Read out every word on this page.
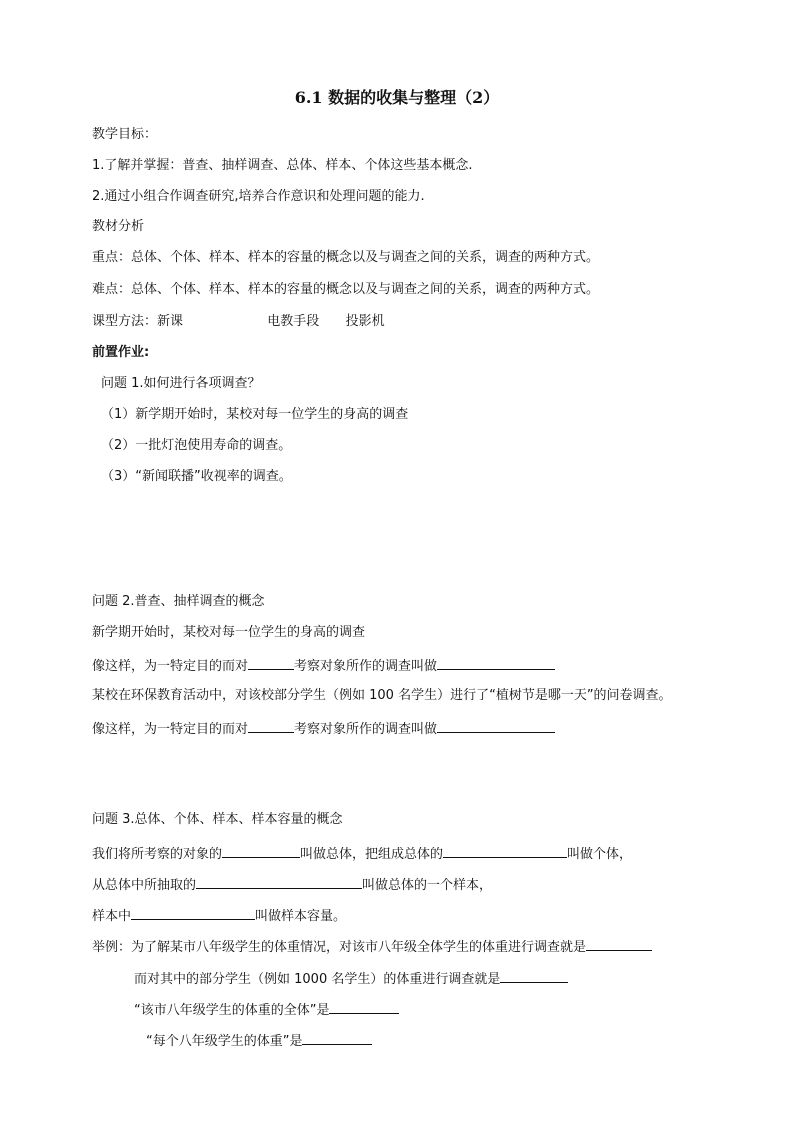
6.1 数据的收集与整理（2）
教学目标：
1.了解并掌握：普查、抽样调查、总体、样本、个体这些基本概念.
2.通过小组合作调查研究,培养合作意识和处理问题的能力.
教材分析
重点：总体、个体、样本、样本的容量的概念以及与调查之间的关系，调查的两种方式。
难点：总体、个体、样本、样本的容量的概念以及与调查之间的关系，调查的两种方式。
课型方法：新课	电教手段 投影机
前置作业:
问题 1.如何进行各项调查？
（1）新学期开始时，某校对每一位学生的身高的调查
（2）一批灯泡使用寿命的调查。
（3）“新闻联播”收视率的调查。
问题 2.普查、抽样调查的概念
新学期开始时，某校对每一位学生的身高的调查
像这样，为一特定目的而对	考察对象所作的调查叫做
某校在环保教育活动中，对该校部分学生（例如 100 名学生）进行了“植树节是哪一天”的问卷调查。
像这样，为一特定目的而对	考察对象所作的调查叫做
问题 3.总体、个体、样本、样本容量的概念
我们将所考察的对象的	叫做总体，把组成总体的	叫做个体，
从总体中所抽取的	叫做总体的一个样本，
样本中	叫做样本容量。
举例：为了解某市八年级学生的体重情况，对该市八年级全体学生的体重进行调查就是
而对其中的部分学生（例如 1000 名学生）的体重进行调查就是
“该市八年级学生的体重的全体”是
“每个八年级学生的体重”是
